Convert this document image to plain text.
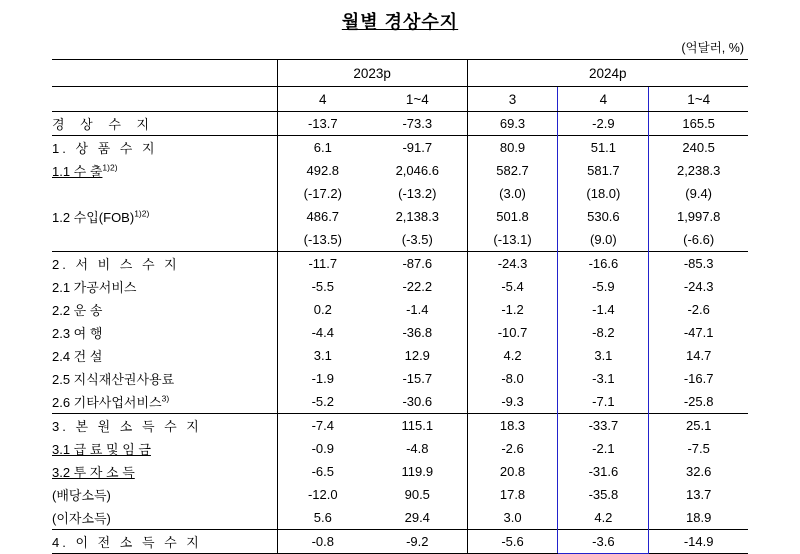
월별 경상수지
(억달러, %)
	2023p		2024p		
	4	1~4	3	4	1~4
경 상 수 지	-13.7	-73.3	69.3	-2.9	165.5
1. 상 품 수 지	6.1	-91.7	80.9	51.1	240.5
1.1 수 출$^{1)2)}$	492.8	2,046.6	582.7	581.7	2,238.3
	(-17.2)	(-13.2)	(3.0)	(18.0)	(9.4)
1.2 수입(FOB)$^{1)2)}$	486.7	2,138.3	501.8	530.6	1,997.8
	(-13.5)	(-3.5)	(-13.1)	(9.0)	(-6.6)
2. 서 비 스 수 지	-11.7	-87.6	-24.3	-16.6	-85.3
2.1 가공서비스	-5.5	-22.2	-5.4	-5.9	-24.3
2.2 운 송	0.2	-1.4	-1.2	-1.4	-2.6
2.3 여 행	-4.4	-36.8	-10.7	-8.2	-47.1
2.4 건 설	3.1	12.9	4.2	3.1	14.7
2.5 지식재산권사용료	-1.9	-15.7	-8.0	-3.1	-16.7
2.6 기타사업서비스$^{3)}$	-5.2	-30.6	-9.3	-7.1	-25.8
3. 본 원 소 득 수 지	-7.4	115.1	18.3	-33.7	25.1
3.1 급 료 및 임 금	-0.9	-4.8	-2.6	-2.1	-7.5
3.2 투 자 소 득	-6.5	119.9	20.8	-31.6	32.6
(배당소득)	-12.0	90.5	17.8	-35.8	13.7
(이자소득)	5.6	29.4	3.0	4.2	18.9
4. 이 전 소 득 수 지	-0.8	-9.2	-5.6	-3.6	-14.9
